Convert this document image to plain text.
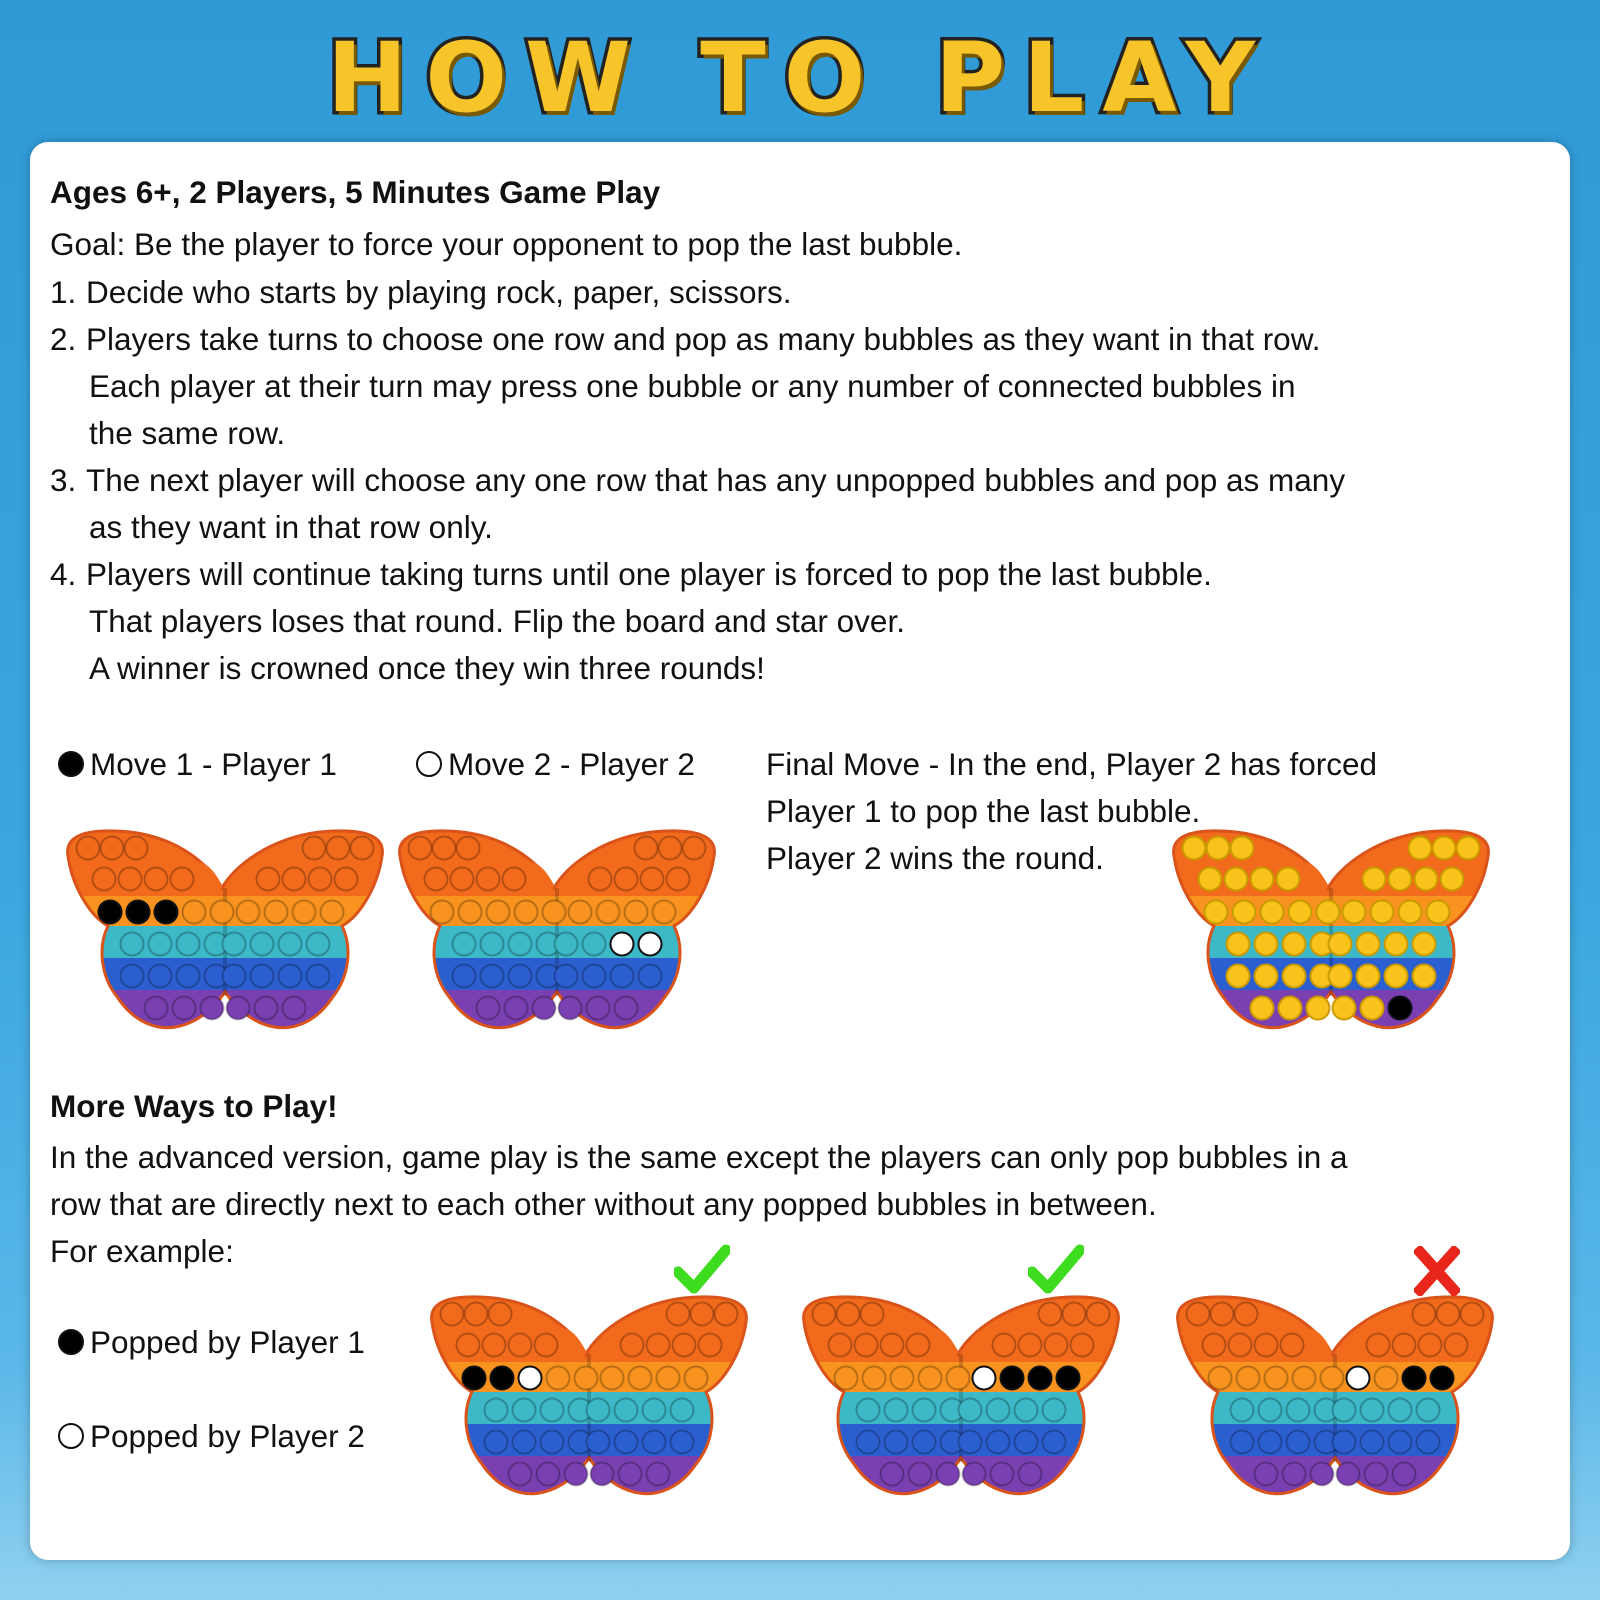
HOW TO PLAY
Ages 6+, 2 Players, 5 Minutes Game Play
Goal: Be the player to force your opponent to pop the last bubble.
1. Decide who starts by playing rock, paper, scissors.
2. Players take turns to choose one row and pop as many bubbles as they want in that row.
Each player at their turn may press one bubble or any number of connected bubbles in
the same row.
3. The next player will choose any one row that has any unpopped bubbles and pop as many
as they want in that row only.
4. Players will continue taking turns until one player is forced to pop the last bubble.
That players loses that round. Flip the board and star over.
A winner is crowned once they win three rounds!
Move 1 - Player 1	Move 2 - Player 2 Final Move - In the end, Player 2 has forced
Player 1 to pop the last bubble.
Player 2 wins the round.
More Ways to Play!
In the advanced version, game play is the same except the players can only pop bubbles in a
row that are directly next to each other without any popped bubbles in between.
For example:
Popped by Player 1
Popped by Player 2
